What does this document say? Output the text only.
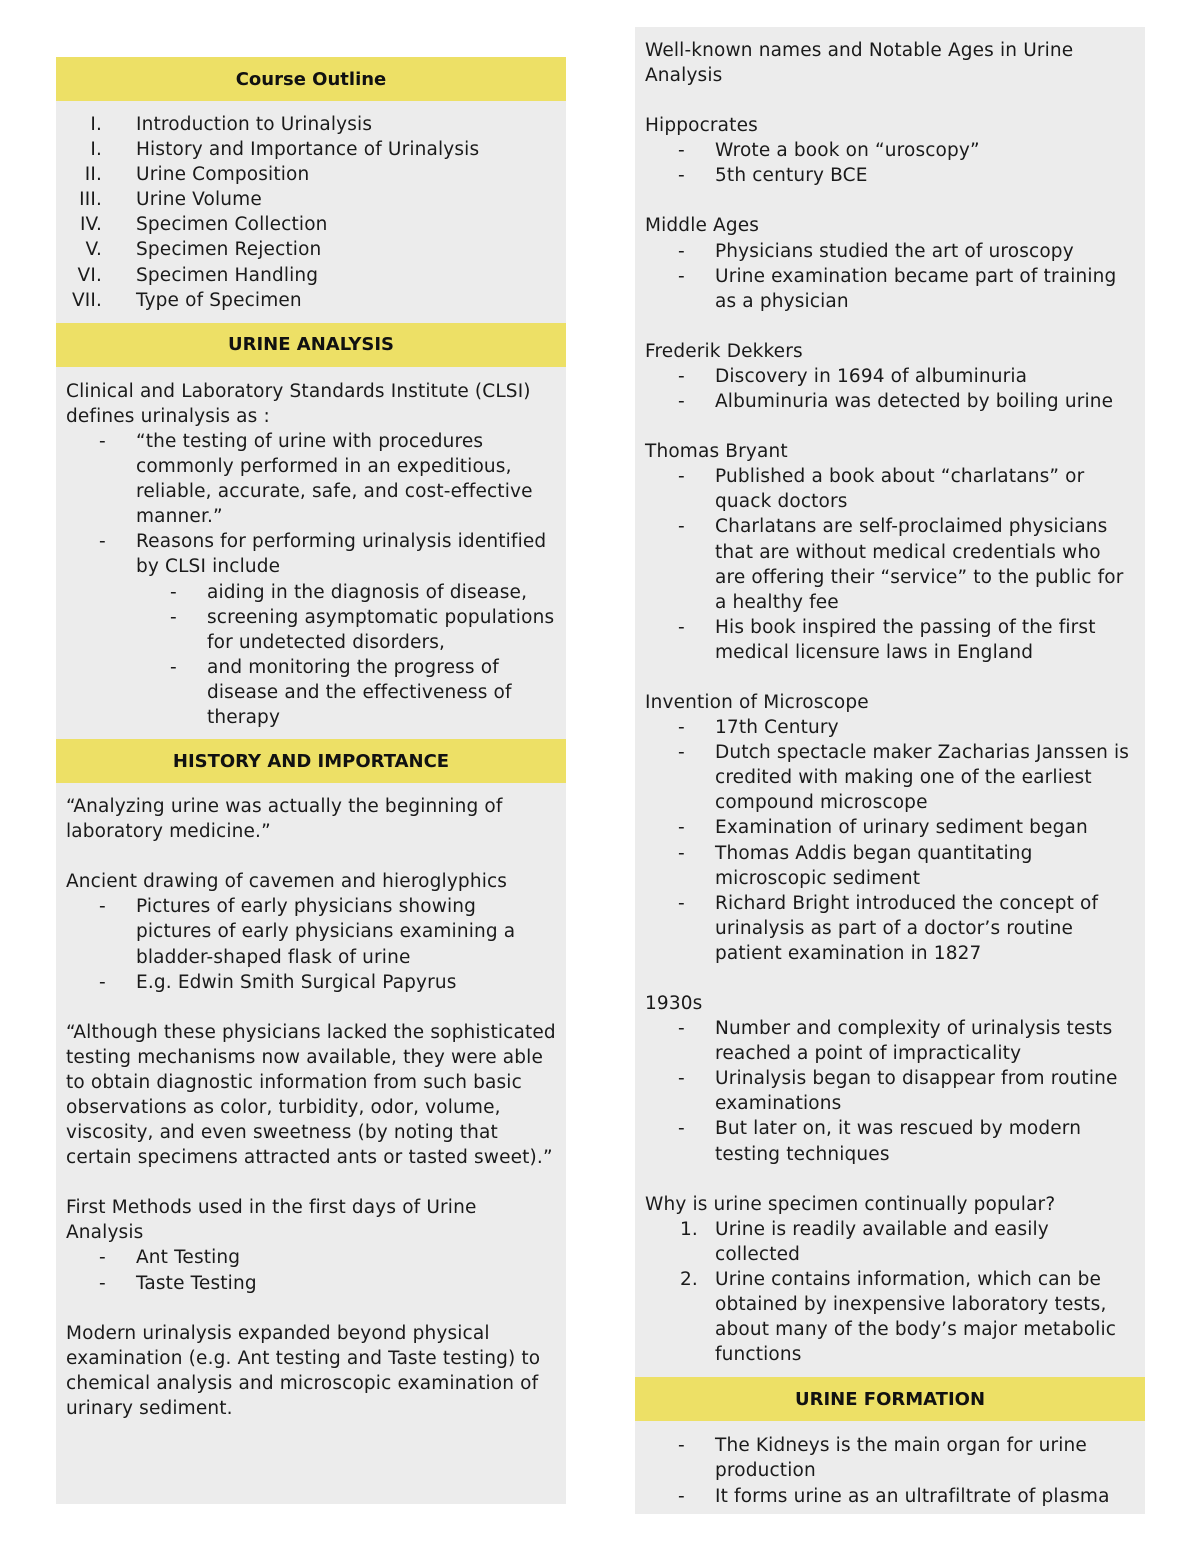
Course Outline
I. Introduction to Urinalysis
I. History and Importance of Urinalysis
II. Urine Composition
III. Urine Volume
IV. Specimen Collection
V. Specimen Rejection
VI. Specimen Handling
VII. Type of Specimen
URINE ANALYSIS

Clinical and Laboratory Standards Institute (CLSI) defines urinalysis as :

- “the testing of urine with procedures commonly performed in an expeditious, reliable, accurate, safe, and cost-effective manner.”
- Reasons for performing urinalysis identified by CLSI include
- aiding in the diagnosis of disease,
- screening asymptomatic populations for undetected disorders,
- and monitoring the progress of disease and the effectiveness of therapy
HISTORY AND IMPORTANCE

“Analyzing urine was actually the beginning of laboratory medicine.”

Ancient drawing of cavemen and hieroglyphics

- Pictures of early physicians showing pictures of early physicians examining a bladder-shaped flask of urine
- E.g. Edwin Smith Surgical Papyrus

“Although these physicians lacked the sophisticated testing mechanisms now available, they were able to obtain diagnostic information from such basic observations as color, turbidity, odor, volume, viscosity, and even sweetness (by noting that certain specimens attracted ants or tasted sweet).”

First Methods used in the first days of Urine Analysis

- Ant Testing
- Taste Testing

Modern urinalysis expanded beyond physical examination (e.g. Ant testing and Taste testing) to chemical analysis and microscopic examination of urinary sediment.

Well-known names and Notable Ages in Urine Analysis

Hippocrates

- Wrote a book on “uroscopy”
- 5th century BCE

Middle Ages

- Physicians studied the art of uroscopy
- Urine examination became part of training as a physician

Frederik Dekkers

- Discovery in 1694 of albuminuria
- Albuminuria was detected by boiling urine

Thomas Bryant

- Published a book about “charlatans” or quack doctors
- Charlatans are self-proclaimed physicians that are without medical credentials who are offering their “service” to the public for a healthy fee
- His book inspired the passing of the first medical licensure laws in England

Invention of Microscope

- 17th Century
- Dutch spectacle maker Zacharias Janssen is credited with making one of the earliest compound microscope
- Examination of urinary sediment began
- Thomas Addis began quantitating microscopic sediment
- Richard Bright introduced the concept of urinalysis as part of a doctor’s routine patient examination in 1827

1930s

- Number and complexity of urinalysis tests reached a point of impracticality
- Urinalysis began to disappear from routine examinations
- But later on, it was rescued by modern testing techniques

Why is urine specimen continually popular?

1. Urine is readily available and easily collected
2. Urine contains information, which can be obtained by inexpensive laboratory tests, about many of the body’s major metabolic functions
URINE FORMATION
- The Kidneys is the main organ for urine production
- It forms urine as an ultrafiltrate of plasma
